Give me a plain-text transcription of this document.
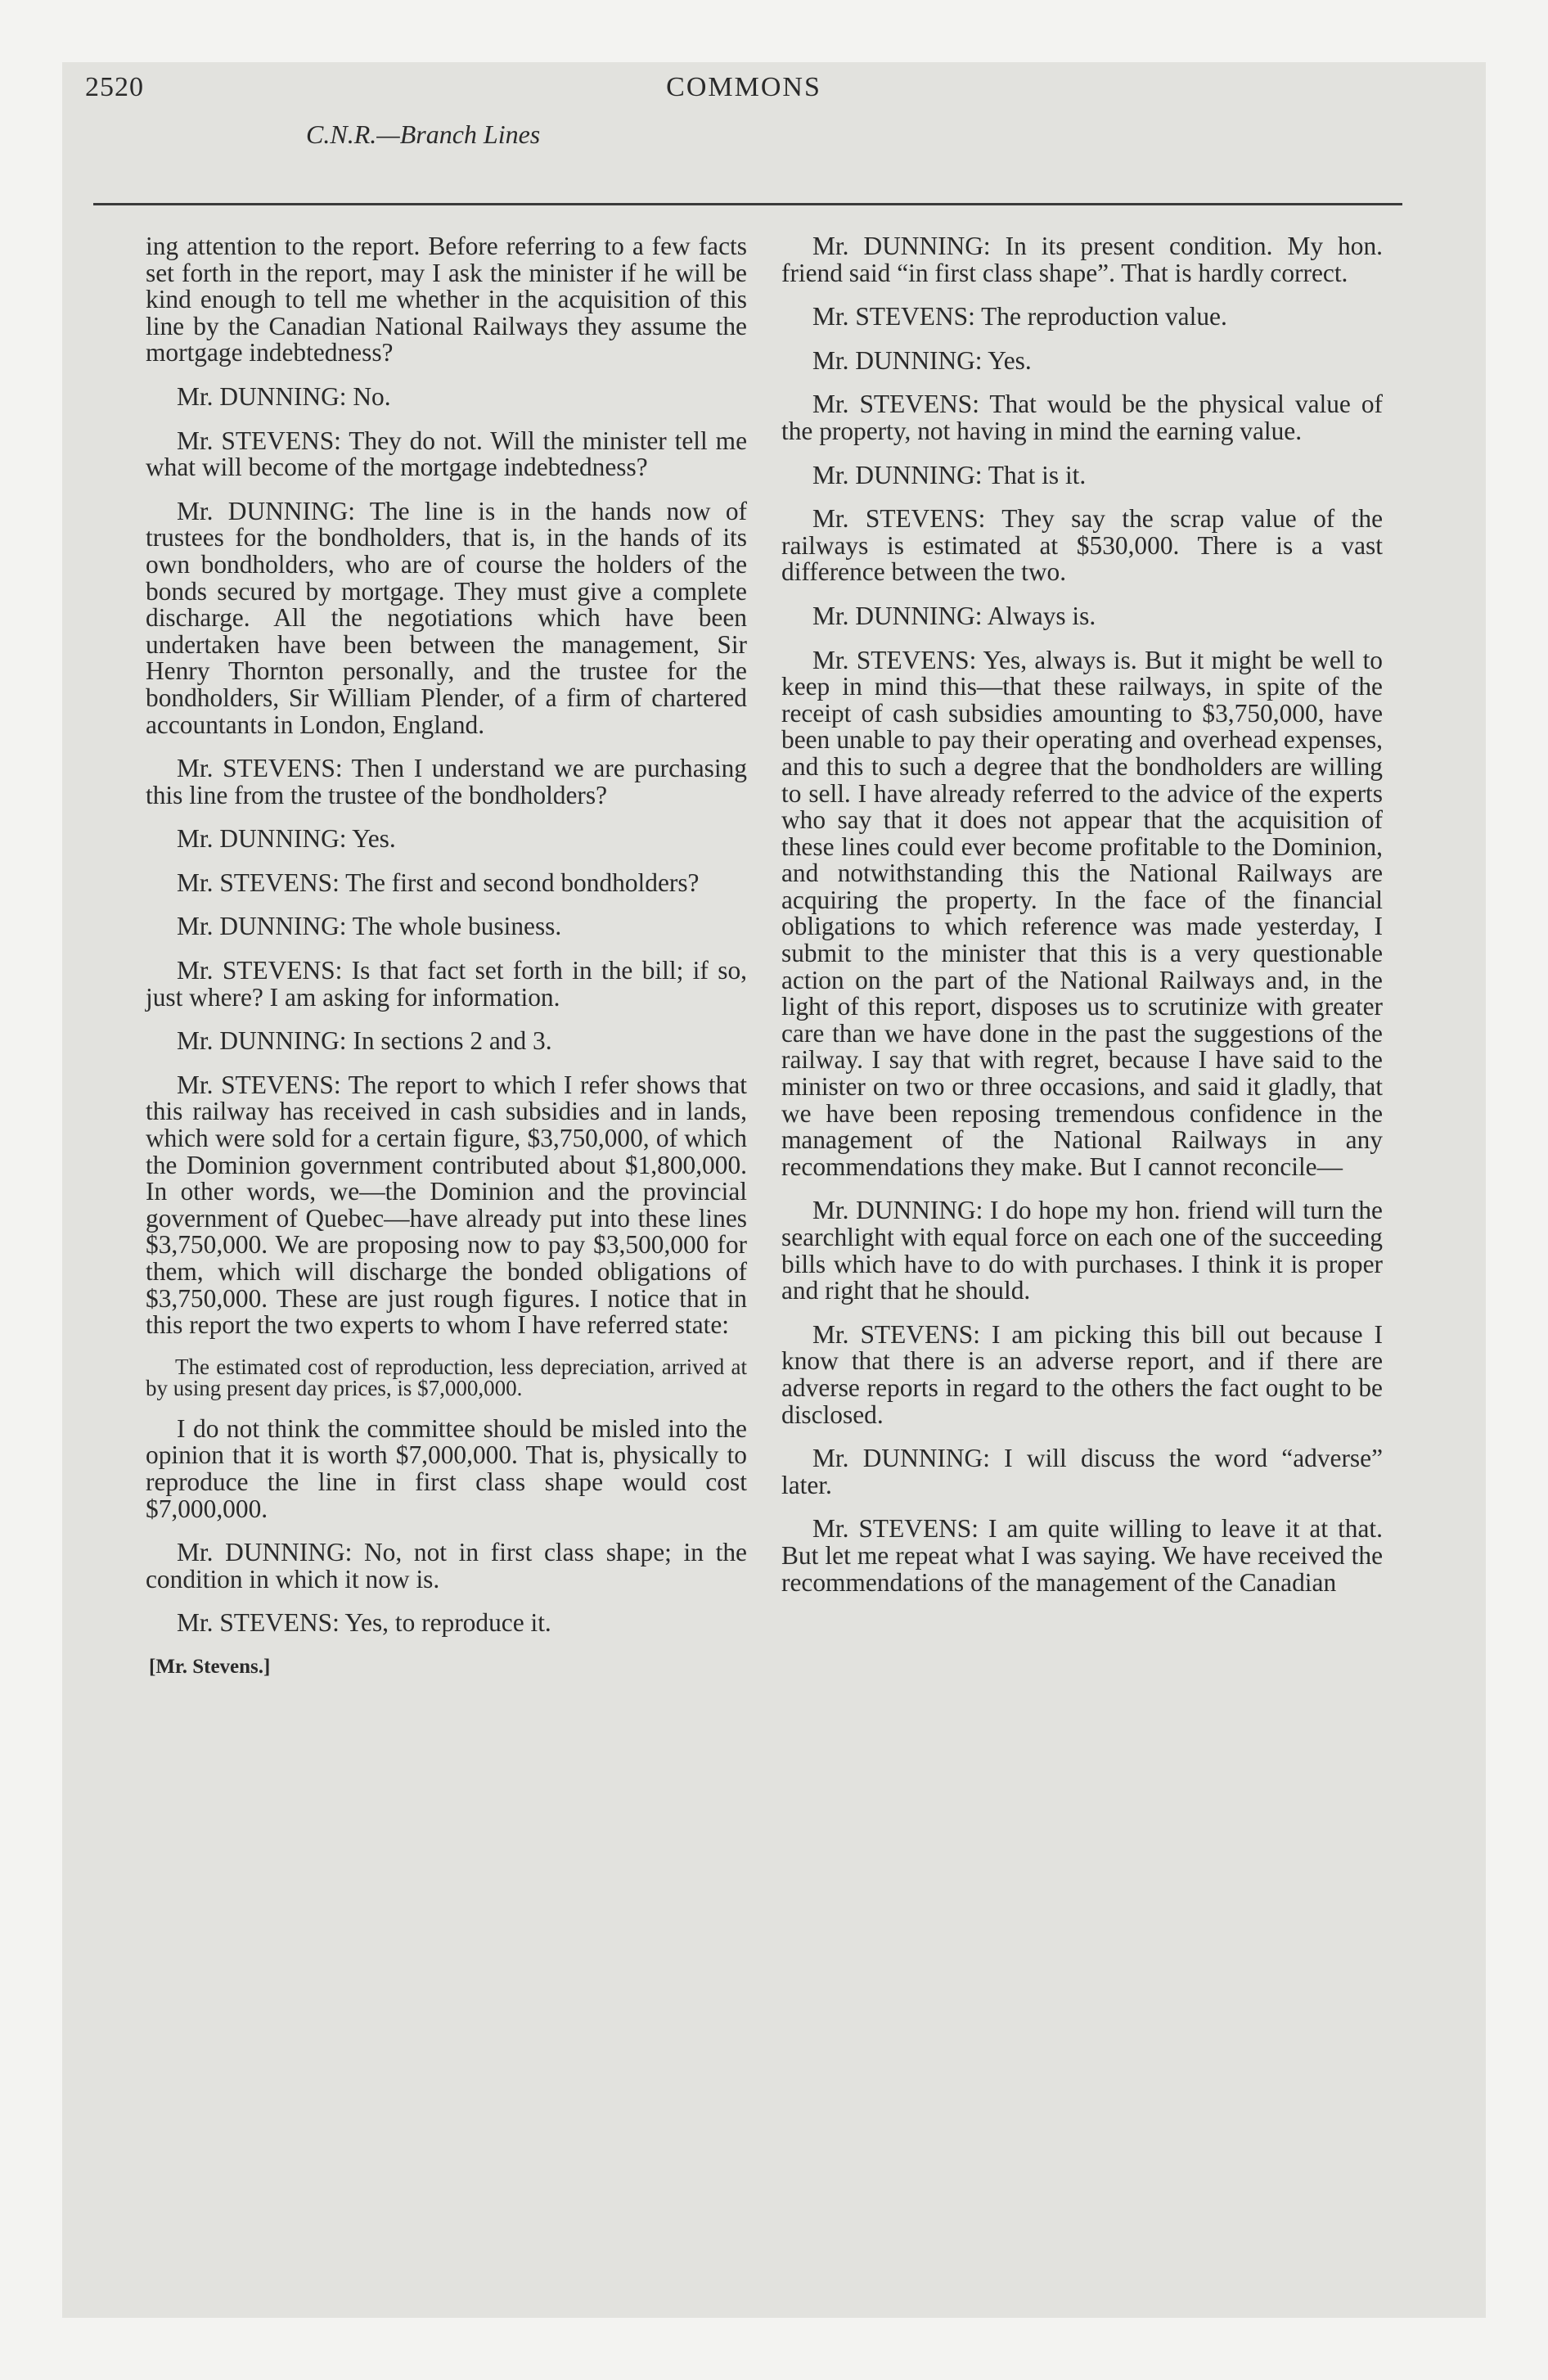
2520	COMMONS
C.N.R.—Branch Lines

ing attention to the report. Before referring to a few facts set forth in the report, may I ask the minister if he will be kind enough to tell me whether in the acquisition of this line by the Canadian National Railways they assume the mortgage indebtedness?

Mr. DUNNING: No.

Mr. STEVENS: They do not. Will the minister tell me what will become of the mortgage indebtedness?

Mr. DUNNING: The line is in the hands now of trustees for the bondholders, that is, in the hands of its own bondholders, who are of course the holders of the bonds secured by mortgage. They must give a complete discharge. All the negotiations which have been undertaken have been between the management, Sir Henry Thornton personally, and the trustee for the bondholders, Sir William Plender, of a firm of chartered accountants in London, England.

Mr. STEVENS: Then I understand we are purchasing this line from the trustee of the bondholders?

Mr. DUNNING: Yes.

Mr. STEVENS: The first and second bondholders?

Mr. DUNNING: The whole business.

Mr. STEVENS: Is that fact set forth in the bill; if so, just where? I am asking for information.

Mr. DUNNING: In sections 2 and 3.

Mr. STEVENS: The report to which I refer shows that this railway has received in cash subsidies and in lands, which were sold for a certain figure, $3,750,000, of which the Dominion government contributed about $1,800,000. In other words, we—the Dominion and the provincial government of Quebec—have already put into these lines $3,750,000. We are proposing now to pay $3,500,000 for them, which will discharge the bonded obligations of $3,750,000. These are just rough figures. I notice that in this report the two experts to whom I have referred state:

The estimated cost of reproduction, less depreciation, arrived at by using present day prices, is $7,000,000.

I do not think the committee should be misled into the opinion that it is worth $7,000,000. That is, physically to reproduce the line in first class shape would cost $7,000,000.

Mr. DUNNING: No, not in first class shape; in the condition in which it now is.

Mr. STEVENS: Yes, to reproduce it.

[Mr. Stevens.]

Mr. DUNNING: In its present condition. My hon. friend said “in first class shape”. That is hardly correct.

Mr. STEVENS: The reproduction value.

Mr. DUNNING: Yes.

Mr. STEVENS: That would be the physical value of the property, not having in mind the earning value.

Mr. DUNNING: That is it.

Mr. STEVENS: They say the scrap value of the railways is estimated at $530,000. There is a vast difference between the two.

Mr. DUNNING: Always is.

Mr. STEVENS: Yes, always is. But it might be well to keep in mind this—that these railways, in spite of the receipt of cash subsidies amounting to $3,750,000, have been unable to pay their operating and overhead expenses, and this to such a degree that the bondholders are willing to sell. I have already referred to the advice of the experts who say that it does not appear that the acquisition of these lines could ever become profitable to the Dominion, and notwithstanding this the National Railways are acquiring the property. In the face of the financial obligations to which reference was made yesterday, I submit to the minister that this is a very questionable action on the part of the National Railways and, in the light of this report, disposes us to scrutinize with greater care than we have done in the past the suggestions of the railway. I say that with regret, because I have said to the minister on two or three occasions, and said it gladly, that we have been reposing tremendous confidence in the management of the National Railways in any recommendations they make. But I cannot reconcile—

Mr. DUNNING: I do hope my hon. friend will turn the searchlight with equal force on each one of the succeeding bills which have to do with purchases. I think it is proper and right that he should.

Mr. STEVENS: I am picking this bill out because I know that there is an adverse report, and if there are adverse reports in regard to the others the fact ought to be disclosed.

Mr. DUNNING: I will discuss the word “adverse” later.

Mr. STEVENS: I am quite willing to leave it at that. But let me repeat what I was saying. We have received the recommendations of the management of the Canadian
